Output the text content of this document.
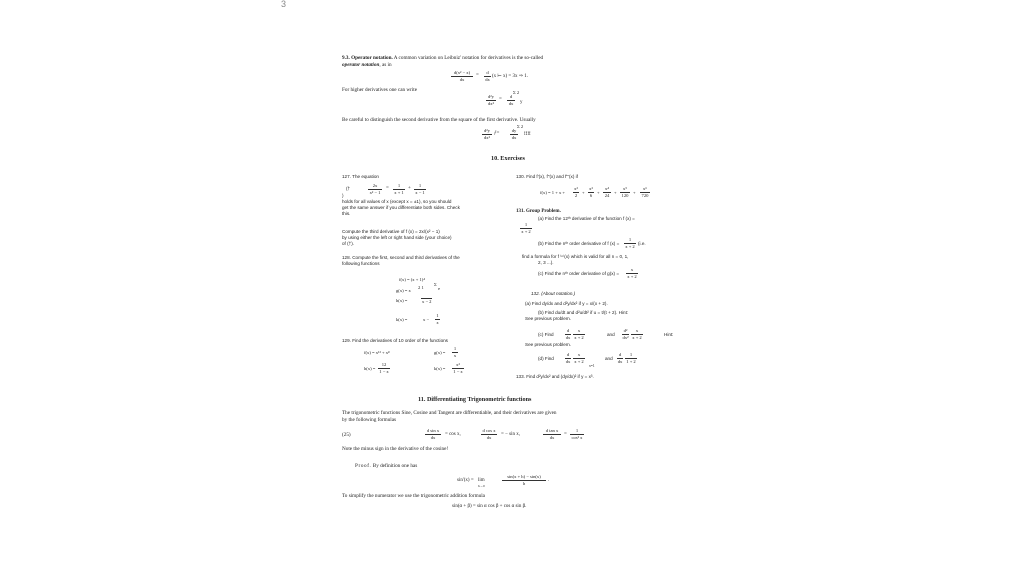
3
9.3. Operator notation. A common variation on Leibniz' notation for derivatives is the so-called
operator notation, as in
d(x² − x)
dx
=
d
dx
(x ⊢ x) = 3x ⇒ 1.
For higher derivatives one can write
d²y
dx²
=
d
dx
Σ 2
y
Be careful to distinguish the second derivative from the square of the first derivative. Usually
d²y
dx²
ƒ=
dy
dx
Σ 2
!!!!
10. Exercises
127. The equation
(†
)
2x
x² − 1
=
1
x + 1
+
1
x − 1
holds for all values of x (except x = ±1), so you should
get the same answer if you differentiate both sides. Check
this.
Compute the third derivative of f (x) = 2x/(x² − 1)
by using either the left or right hand side (your choice)
of (†).
128. Compute the first, second and third derivatives of the
following functions
f(x) = (x + 1)⁴
g(x) = x
2 1
Σ
e
h(x) =	x − 2
k(x) =	x −
1
x
129. Find the derivatives of 10 order of the functions
f(x) = x¹² + x⁸	g(x) =
1
x
h(x) =
12
1 − x
k(x) =
x²
1 − x
130. Find f'(x), f''(x) and f'''(x) if
f(x) = 1 + x +
x²
2
+
x³
6
+
x⁴
24
+
x⁵
120
+
x⁶
720
131. Group Problem.
(a) Find the 12ᵗʰ derivative of the function f (x) =
1
x + 2
(b) Find the nᵗʰ order derivative of f (x) =
1
x + 2
(i.e.
find a formula for f ⁽ⁿ⁾(x) which is valid for all n = 0, 1,
2, 3 ...).
(c) Find the nᵗʰ order derivative of g(x) =
x
x + 2
132. (About notation.)
(a) Find dy/dx and d²y/dx² if y = x/(x + 2).
(b) Find du/dt and d²u/dt² if u = t/(t + 2). Hint:
See previous problem.
(c) Find
d
dx
x
x + 2
and
d²
dx²
x
x + 2
Hint:
See previous problem.
(d) Find
d
dx
x
x + 2
x=1
and
d
dx
1
1 + 2
133. Find d²y/dx² and (dy/dx)² if y = x³.
11. Differentiating Trigonometric functions
The trigonometric functions Sine, Cosine and Tangent are differentiable, and their derivatives are given
by the following formulas
(25)
d sin x
dx
= cos x,
d cos x
dx
= − sin x,
d tan x
dx
=
1
cos² x
Note the minus sign in the derivative of the cosine!
Proof. By definition one has
sin'(x) = lim
h→0
sin(x + h) − sin(x)
h
.
To simplify the numerator we use the trigonometric addition formula
sin(α + β) = sin α cos β + cos α sin β.
